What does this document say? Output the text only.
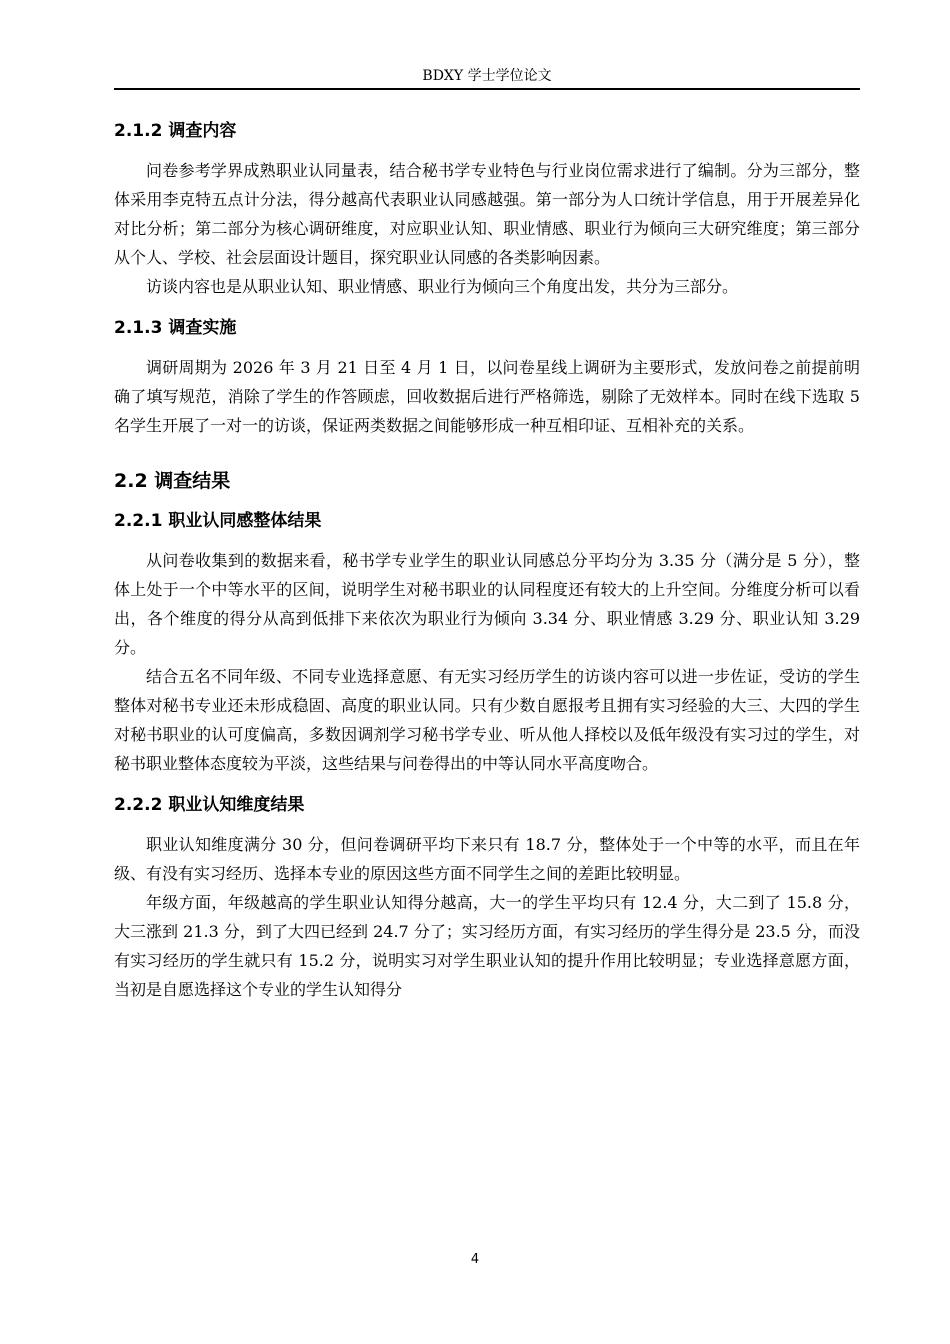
BDXY 学士学位论文
2.1.2 调查内容

问卷参考学界成熟职业认同量表，结合秘书学专业特色与行业岗位需求进行了编制。分为三部分，整体采用李克特五点计分法，得分越高代表职业认同感越强。第一部分为人口统计学信息，用于开展差异化对比分析；第二部分为核心调研维度，对应职业认知、职业情感、职业行为倾向三大研究维度；第三部分从个人、学校、社会层面设计题目，探究职业认同感的各类影响因素。

访谈内容也是从职业认知、职业情感、职业行为倾向三个角度出发，共分为三部分。

2.1.3 调查实施

调研周期为 2026 年 3 月 21 日至 4 月 1 日，以问卷星线上调研为主要形式，发放问卷之前提前明确了填写规范，消除了学生的作答顾虑，回收数据后进行严格筛选，剔除了无效样本。同时在线下选取 5 名学生开展了一对一的访谈，保证两类数据之间能够形成一种互相印证、互相补充的关系。

2.2 调查结果
2.2.1 职业认同感整体结果

从问卷收集到的数据来看，秘书学专业学生的职业认同感总分平均分为 3.35 分（满分是 5 分），整体上处于一个中等水平的区间，说明学生对秘书职业的认同程度还有较大的上升空间。分维度分析可以看出，各个维度的得分从高到低排下来依次为职业行为倾向 3.34 分、职业情感 3.29 分、职业认知 3.29 分。

结合五名不同年级、不同专业选择意愿、有无实习经历学生的访谈内容可以进一步佐证，受访的学生整体对秘书专业还未形成稳固、高度的职业认同。只有少数自愿报考且拥有实习经验的大三、大四的学生对秘书职业的认可度偏高，多数因调剂学习秘书学专业、听从他人择校以及低年级没有实习过的学生，对秘书职业整体态度较为平淡，这些结果与问卷得出的中等认同水平高度吻合。

2.2.2 职业认知维度结果

职业认知维度满分 30 分，但问卷调研平均下来只有 18.7 分，整体处于一个中等的水平，而且在年级、有没有实习经历、选择本专业的原因这些方面不同学生之间的差距比较明显。

年级方面，年级越高的学生职业认知得分越高，大一的学生平均只有 12.4 分，大二到了 15.8 分，大三涨到 21.3 分，到了大四已经到 24.7 分了；实习经历方面，有实习经历的学生得分是 23.5 分，而没有实习经历的学生就只有 15.2 分，说明实习对学生职业认知的提升作用比较明显；专业选择意愿方面，当初是自愿选择这个专业的学生认知得分

4
